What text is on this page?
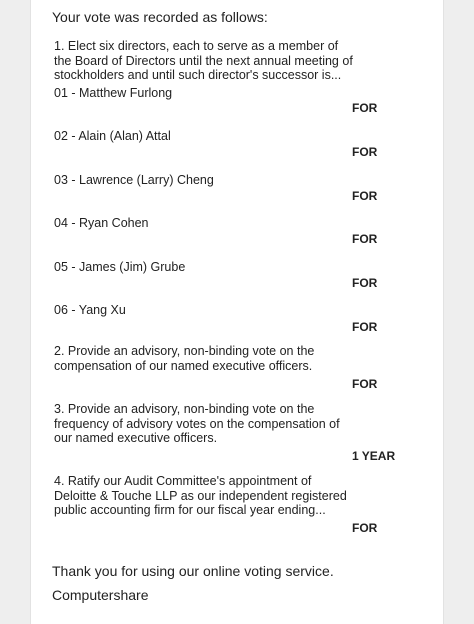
Your vote was recorded as follows:

1. Elect six directors, each to serve as a member of the Board of Directors until the next annual meeting of stockholders and until such director's successor is...

01 - Matthew Furlong

FOR

02 - Alain (Alan) Attal

FOR

03 - Lawrence (Larry) Cheng

FOR

04 - Ryan Cohen

FOR

05 - James (Jim) Grube

FOR

06 - Yang Xu

FOR

2. Provide an advisory, non-binding vote on the compensation of our named executive officers.

FOR

3. Provide an advisory, non-binding vote on the frequency of advisory votes on the compensation of our named executive officers.

1 YEAR

4. Ratify our Audit Committee's appointment of Deloitte & Touche LLP as our independent registered public accounting firm for our fiscal year ending...

FOR

Thank you for using our online voting service.

Computershare
